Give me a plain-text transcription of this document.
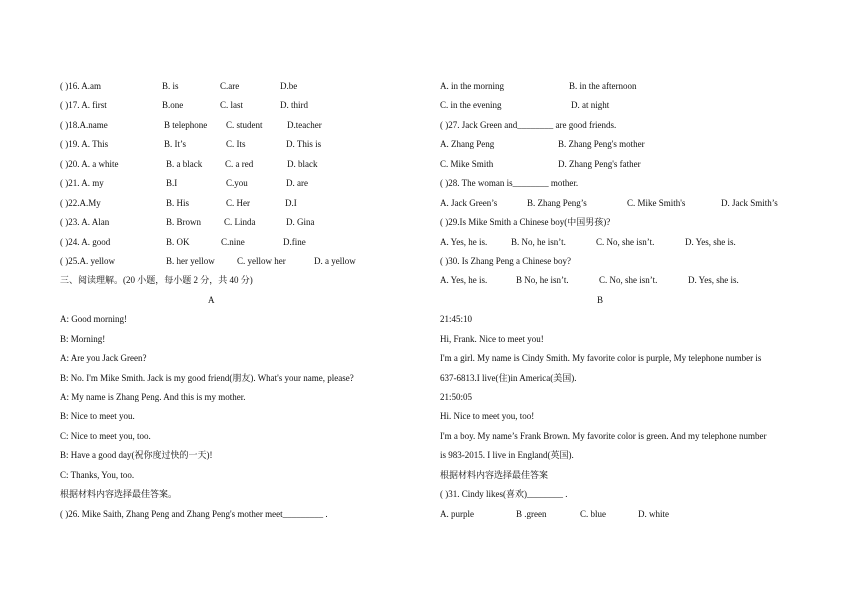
( )16. A.am	B. is	C.are	D.be
( )17. A. first	B.one	C. last	D. third
( )18.A.name	B telephone C. student	D.teacher
( )19. A. This	B. It’s	C. Its	D. This is
( )20. A. a white	B. a black	C. a red	D. black
( )21. A. my	B.I	C.you	D. are
( )22.A.My	B. His	C. Her	D.I
( )23. A. Alan	B. Brown	C. Linda	D. Gina
( )24. A. good	B. OK	C.nine	D.fine
( )25.A. yellow	B. her yellow C. yellow her	D. a yellow
三、阅读理解。(20 小题，每小题 2 分，共 40 分)
A
A: Good morning!
B: Morning!
A: Are you Jack Green?
B: No. I'm Mike Smith. Jack is my good friend(朋友). What's your name, please?
A: My name is Zhang Peng. And this is my mother.
B: Nice to meet you.
C: Nice to meet you, too.
B: Have a good day(祝你度过快的一天)!
C: Thanks, You, too.
根据材料内容选择最佳答案。
( )26. Mike Saith, Zhang Peng and Zhang Peng's mother meet_________ .
A. in the morning	B. in the afternoon
C. in the evening	D. at night
( )27. Jack Green and________ are good friends.
A. Zhang Peng	B. Zhang Peng's mother
C. Mike Smith	D. Zhang Peng's father
( )28. The woman is________ mother.
A. Jack Green’s	B. Zhang Peng’s	C. Mike Smith's	D. Jack Smith’s
( )29.Is Mike Smith a Chinese boy(中国男孩)?
A. Yes, he is.	B. No, he isn’t.	C. No, she isn’t.	D. Yes, she is.
( )30. Is Zhang Peng a Chinese boy?
A. Yes, he is.	B No, he isn’t.	C. No, she isn’t.	D. Yes, she is.
B
21:45:10
Hi, Frank. Nice to meet you!
I'm a girl. My name is Cindy Smith. My favorite color is purple, My telephone number is
637-6813.I live(住)in America(美国).
21:50:05
Hi. Nice to meet you, too!
I'm a boy. My name’s Frank Brown. My favorite color is green. And my telephone number
is 983-2015. I live in England(英国).
根据材料内容选择最佳答案
( )31. Cindy likes(喜欢)________ .
A. purple	B .green	C. blue	D. white
